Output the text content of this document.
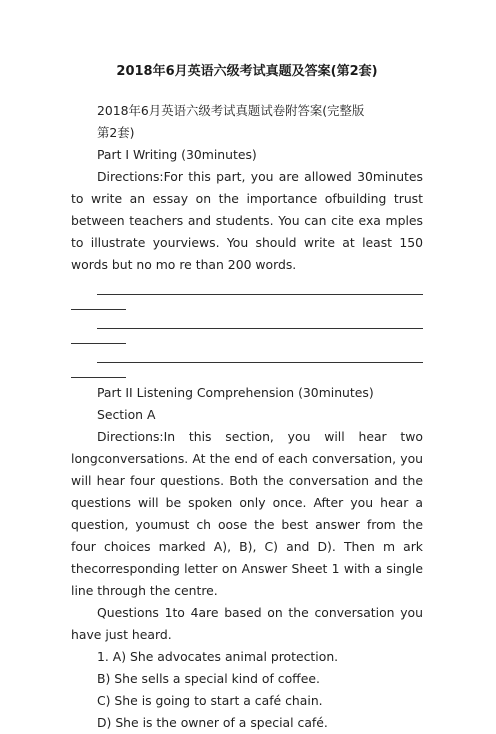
2018年6月英语六级考试真题及答案(第2套)

2018年6月英语六级考试真题试卷附答案(完整版

第2套)

Part I Writing (30minutes)

Directions:For this part, you are allowed 30minutes to write an essay on the importance ofbuilding trust between teachers and students. You can cite exa mples to illustrate yourviews. You should write at least 150 words but no mo re than 200 words.

Part II Listening Comprehension (30minutes)

Section A

Directions:In this section, you will hear two longconversations. At the end of each conversation, you will hear four questions. Both the conversation and the questions will be spoken only once. After you hear a question, youmust ch oose the best answer from the four choices marked A), B), C) and D). Then m ark thecorresponding letter on Answer Sheet 1 with a single line through the centre.

Questions 1to 4are based on the conversation you have just heard.

1. A) She advocates animal protection.

B) She sells a special kind of coffee.

C) She is going to start a café chain.

D) She is the owner of a special café.
